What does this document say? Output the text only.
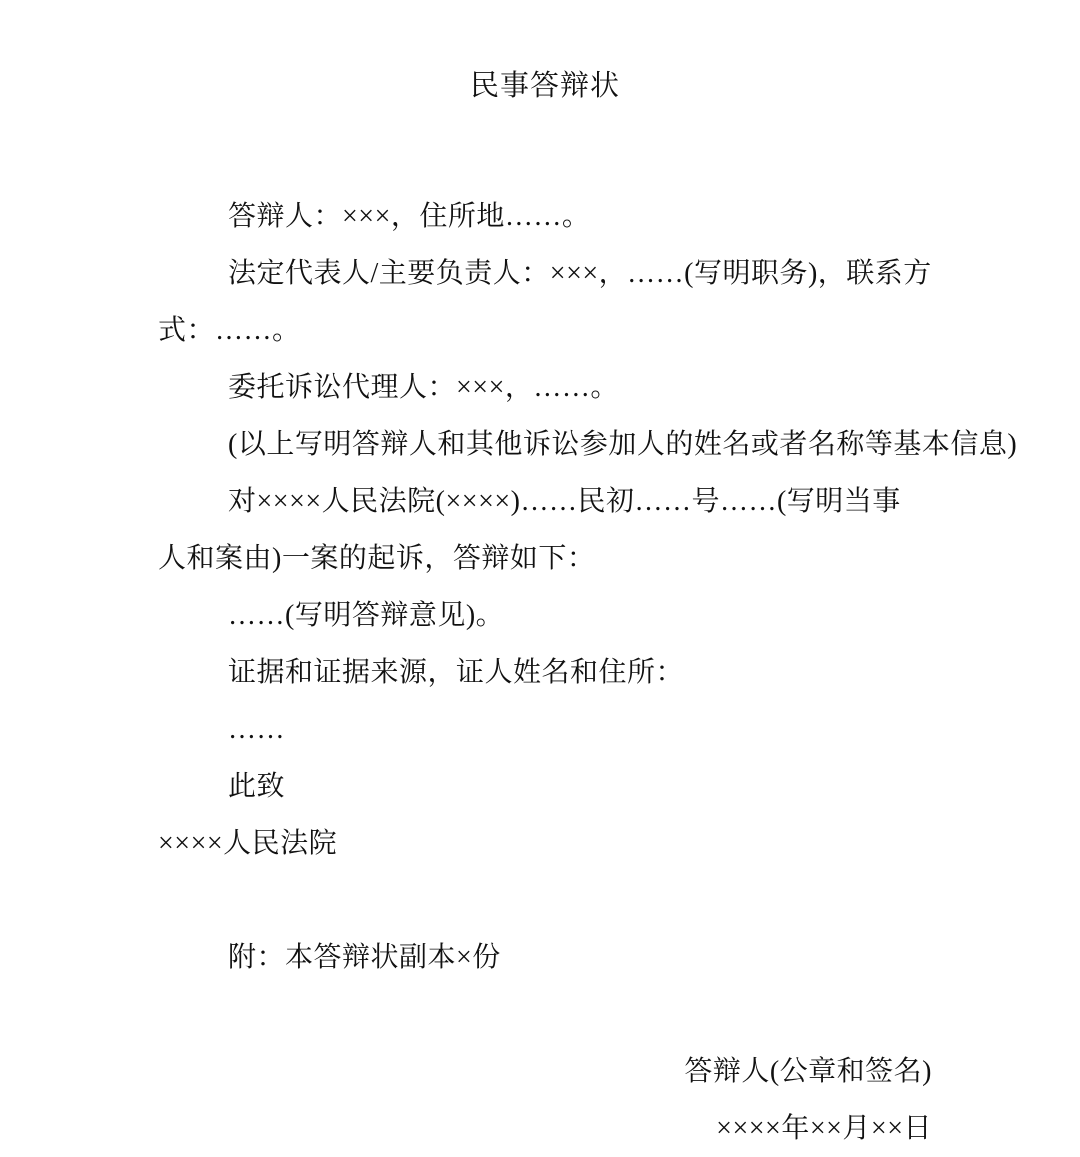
民事答辩状
答辩人：×××，住所地……。
法定代表人/主要负责人：×××，……(写明职务)，联系方
式：……。
委托诉讼代理人：×××，……。
(以上写明答辩人和其他诉讼参加人的姓名或者名称等基本信息)
对××××人民法院(××××)……民初……号……(写明当事
人和案由)一案的起诉，答辩如下：
……(写明答辩意见)。
证据和证据来源，证人姓名和住所：
……
此致
××××人民法院
附：本答辩状副本×份
答辩人(公章和签名)
××××年××月××日
